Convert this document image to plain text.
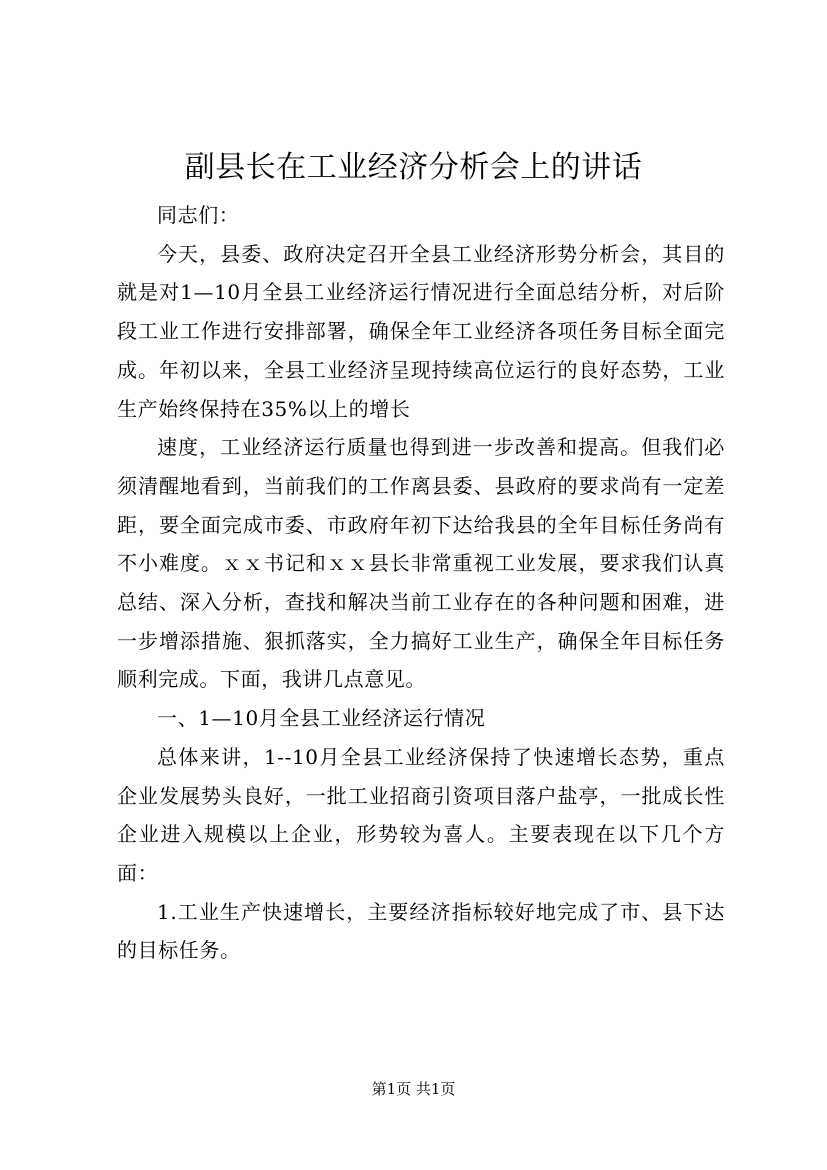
副县长在工业经济分析会上的讲话

同志们：

今天，县委、政府决定召开全县工业经济形势分析会，其目的就是对1—10月全县工业经济运行情况进行全面总结分析，对后阶段工业工作进行安排部署，确保全年工业经济各项任务目标全面完成。年初以来，全县工业经济呈现持续高位运行的良好态势，工业生产始终保持在35%以上的增长

速度，工业经济运行质量也得到进一步改善和提高。但我们必须清醒地看到，当前我们的工作离县委、县政府的要求尚有一定差距，要全面完成市委、市政府年初下达给我县的全年目标任务尚有不小难度。ｘｘ书记和ｘｘ县长非常重视工业发展，要求我们认真总结、深入分析，查找和解决当前工业存在的各种问题和困难，进一步增添措施、狠抓落实，全力搞好工业生产，确保全年目标任务顺利完成。下面，我讲几点意见。

一、1—10月全县工业经济运行情况

总体来讲，1--10月全县工业经济保持了快速增长态势，重点企业发展势头良好，一批工业招商引资项目落户盐亭，一批成长性企业进入规模以上企业，形势较为喜人。主要表现在以下几个方面：

1.工业生产快速增长，主要经济指标较好地完成了市、县下达的目标任务。

第1页 共1页
